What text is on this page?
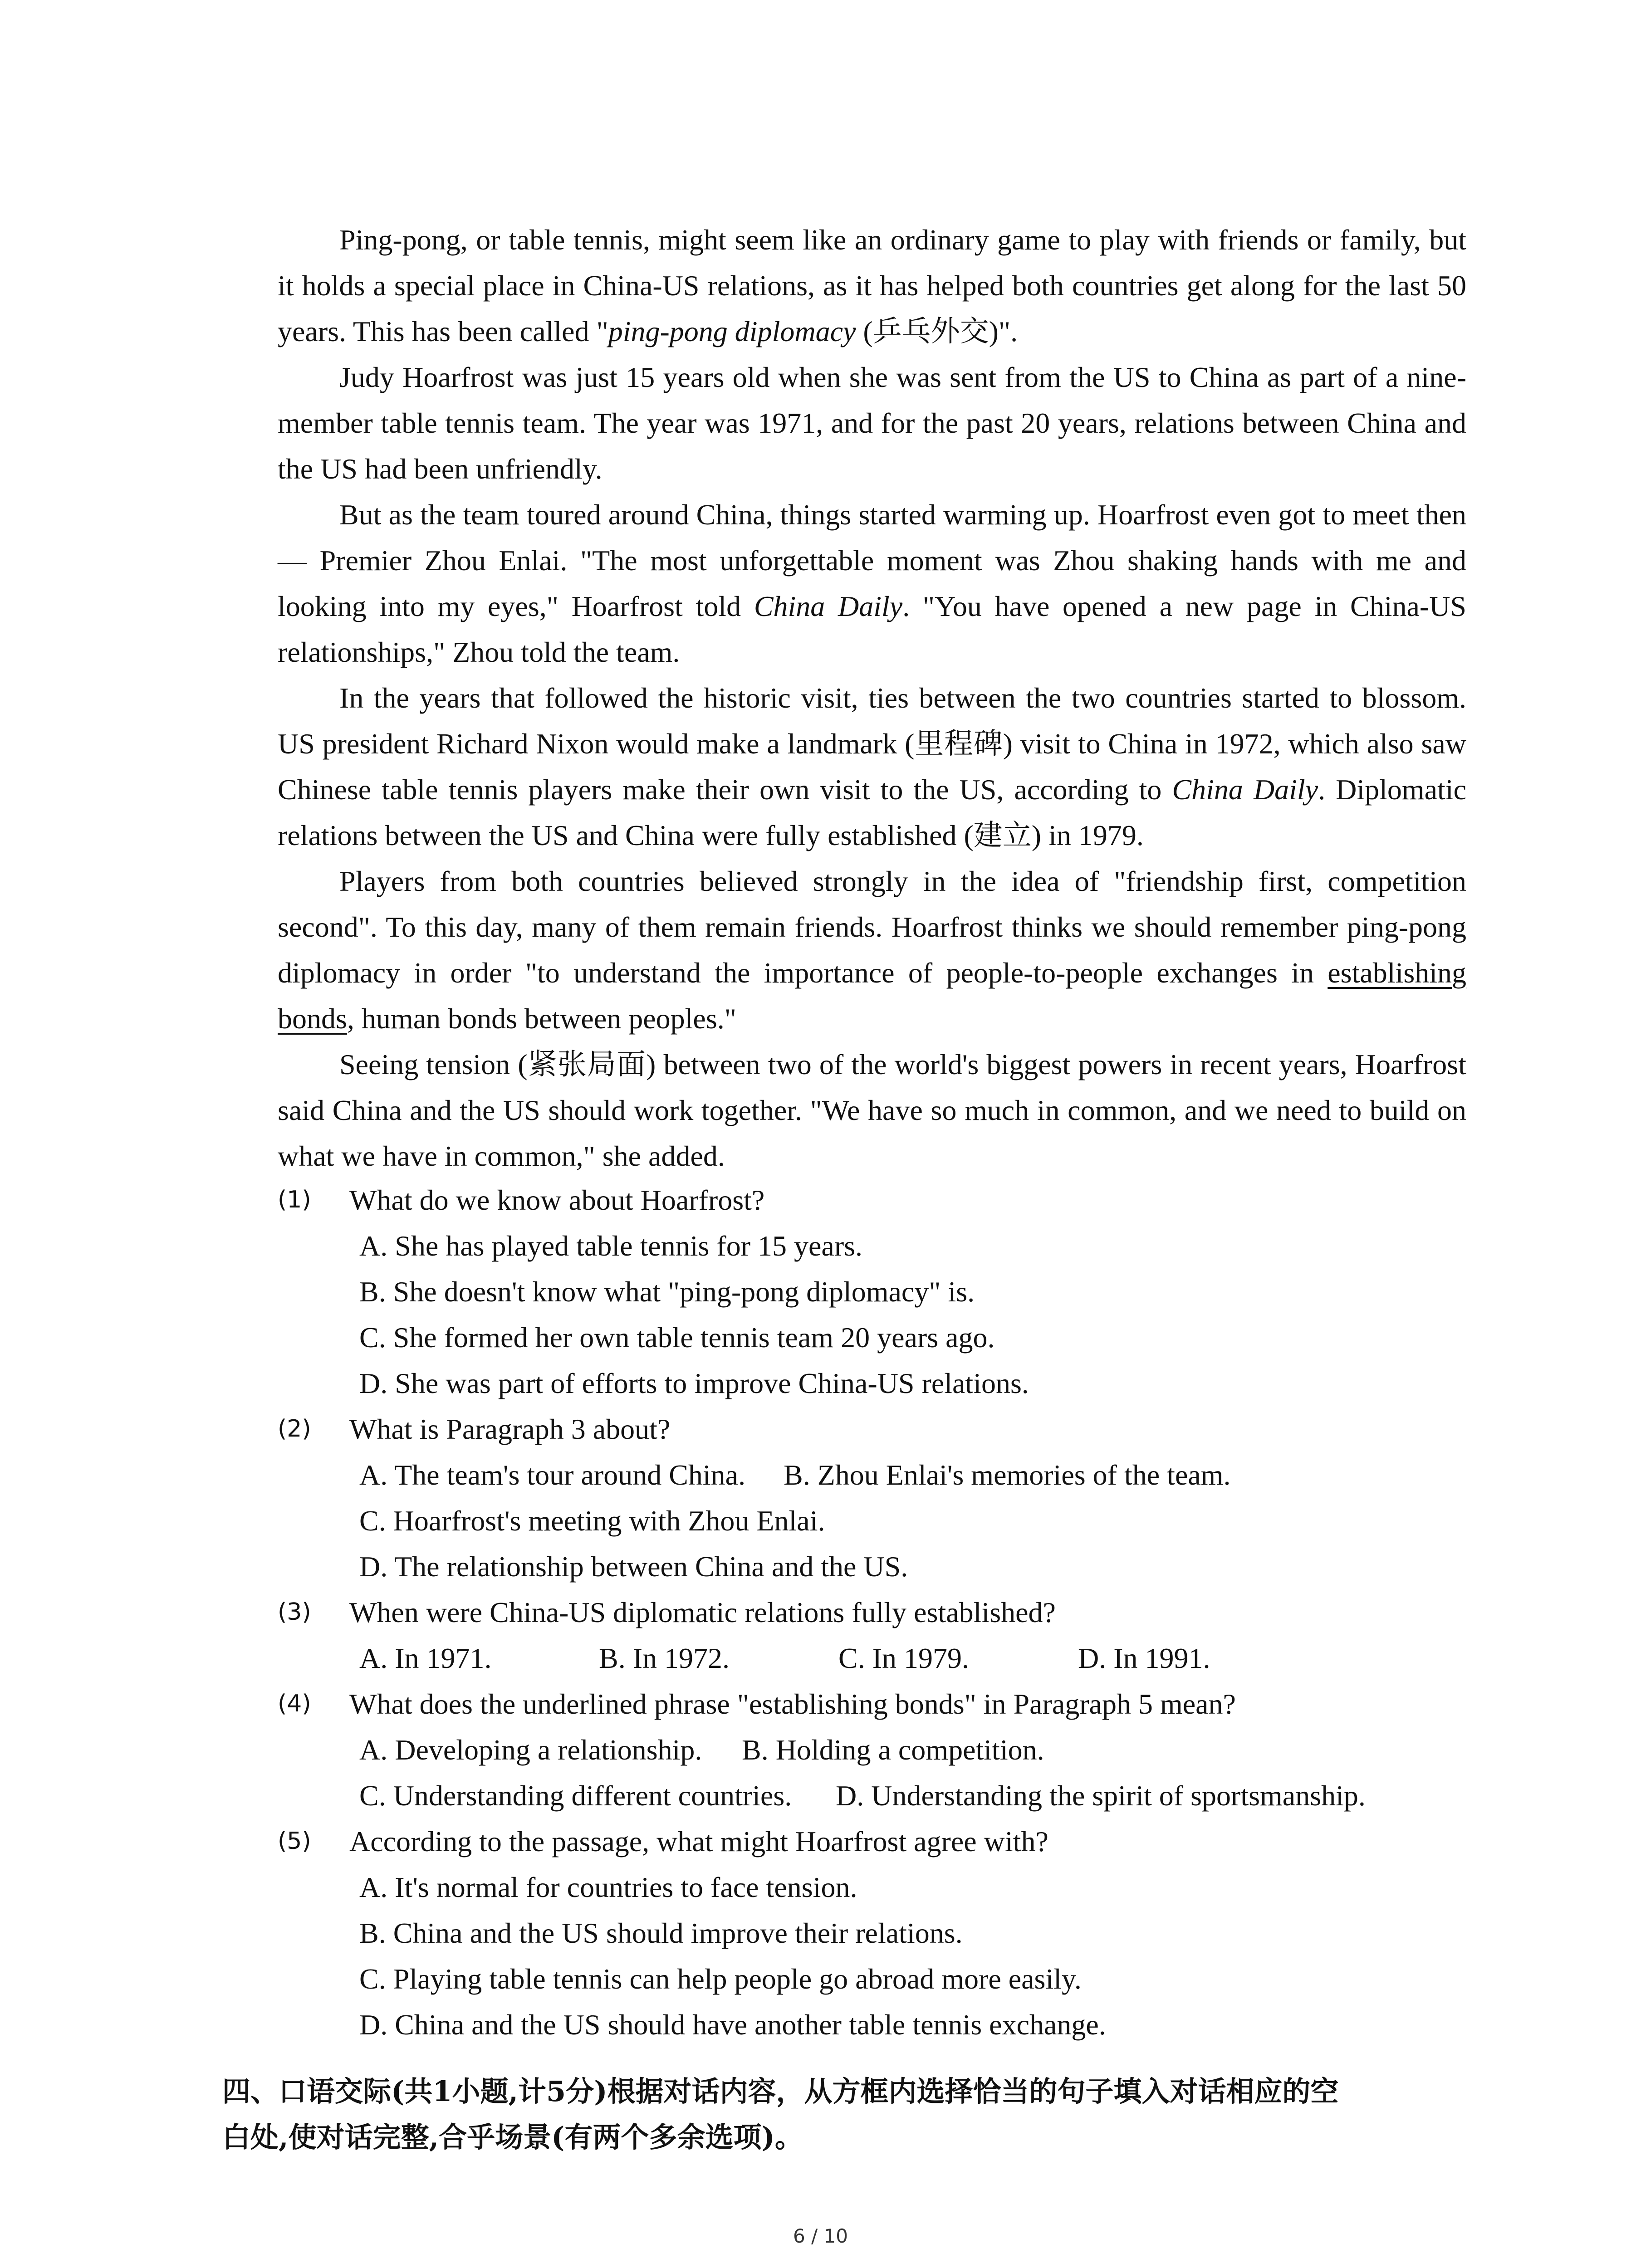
Ping-pong, or table tennis, might seem like an ordinary game to play with friends or family, but it holds a special place in China-US relations, as it has helped both countries get along for the last 50 years. This has been called "ping-pong diplomacy (乒乓外交)".

Judy Hoarfrost was just 15 years old when she was sent from the US to China as part of a nine-member table tennis team. The year was 1971, and for the past 20 years, relations between China and the US had been unfriendly.

But as the team toured around China, things started warming up. Hoarfrost even got to meet then — Premier Zhou Enlai. "The most unforgettable moment was Zhou shaking hands with me and looking into my eyes," Hoarfrost told China Daily. "You have opened a new page in China-US relationships," Zhou told the team.

In the years that followed the historic visit, ties between the two countries started to blossom. US president Richard Nixon would make a landmark (里程碑) visit to China in 1972, which also saw Chinese table tennis players make their own visit to the US, according to China Daily. Diplomatic relations between the US and China were fully established (建立) in 1979.

Players from both countries believed strongly in the idea of "friendship first, competition second". To this day, many of them remain friends. Hoarfrost thinks we should remember ping-pong diplomacy in order "to understand the importance of people-to-people exchanges in establishing bonds, human bonds between peoples."

Seeing tension (紧张局面) between two of the world's biggest powers in recent years, Hoarfrost said China and the US should work together. "We have so much in common, and we need to build on what we have in common," she added.

(1) What do we know about Hoarfrost?
A. She has played table tennis for 15 years.
B. She doesn't know what "ping-pong diplomacy" is.
C. She formed her own table tennis team 20 years ago.
D. She was part of efforts to improve China-US relations.
(2) What is Paragraph 3 about?
A. The team's tour around China. B. Zhou Enlai's memories of the team.
C. Hoarfrost's meeting with Zhou Enlai.
D. The relationship between China and the US.
(3) When were China-US diplomatic relations fully established?
A. In 1971.	B. In 1972.	C. In 1979.	D. In 1991.
(4) What does the underlined phrase "establishing bonds" in Paragraph 5 mean?
A. Developing a relationship. B. Holding a competition.
C. Understanding different countries. D. Understanding the spirit of sportsmanship.
(5) According to the passage, what might Hoarfrost agree with?
A. It's normal for countries to face tension.
B. China and the US should improve their relations.
C. Playing table tennis can help people go abroad more easily.
D. China and the US should have another table tennis exchange.
四、口语交际(共1小题,计5分)根据对话内容，从方框内选择恰当的句子填入对话相应的空
白处,使对话完整,合乎场景(有两个多余选项)。
6 / 10
